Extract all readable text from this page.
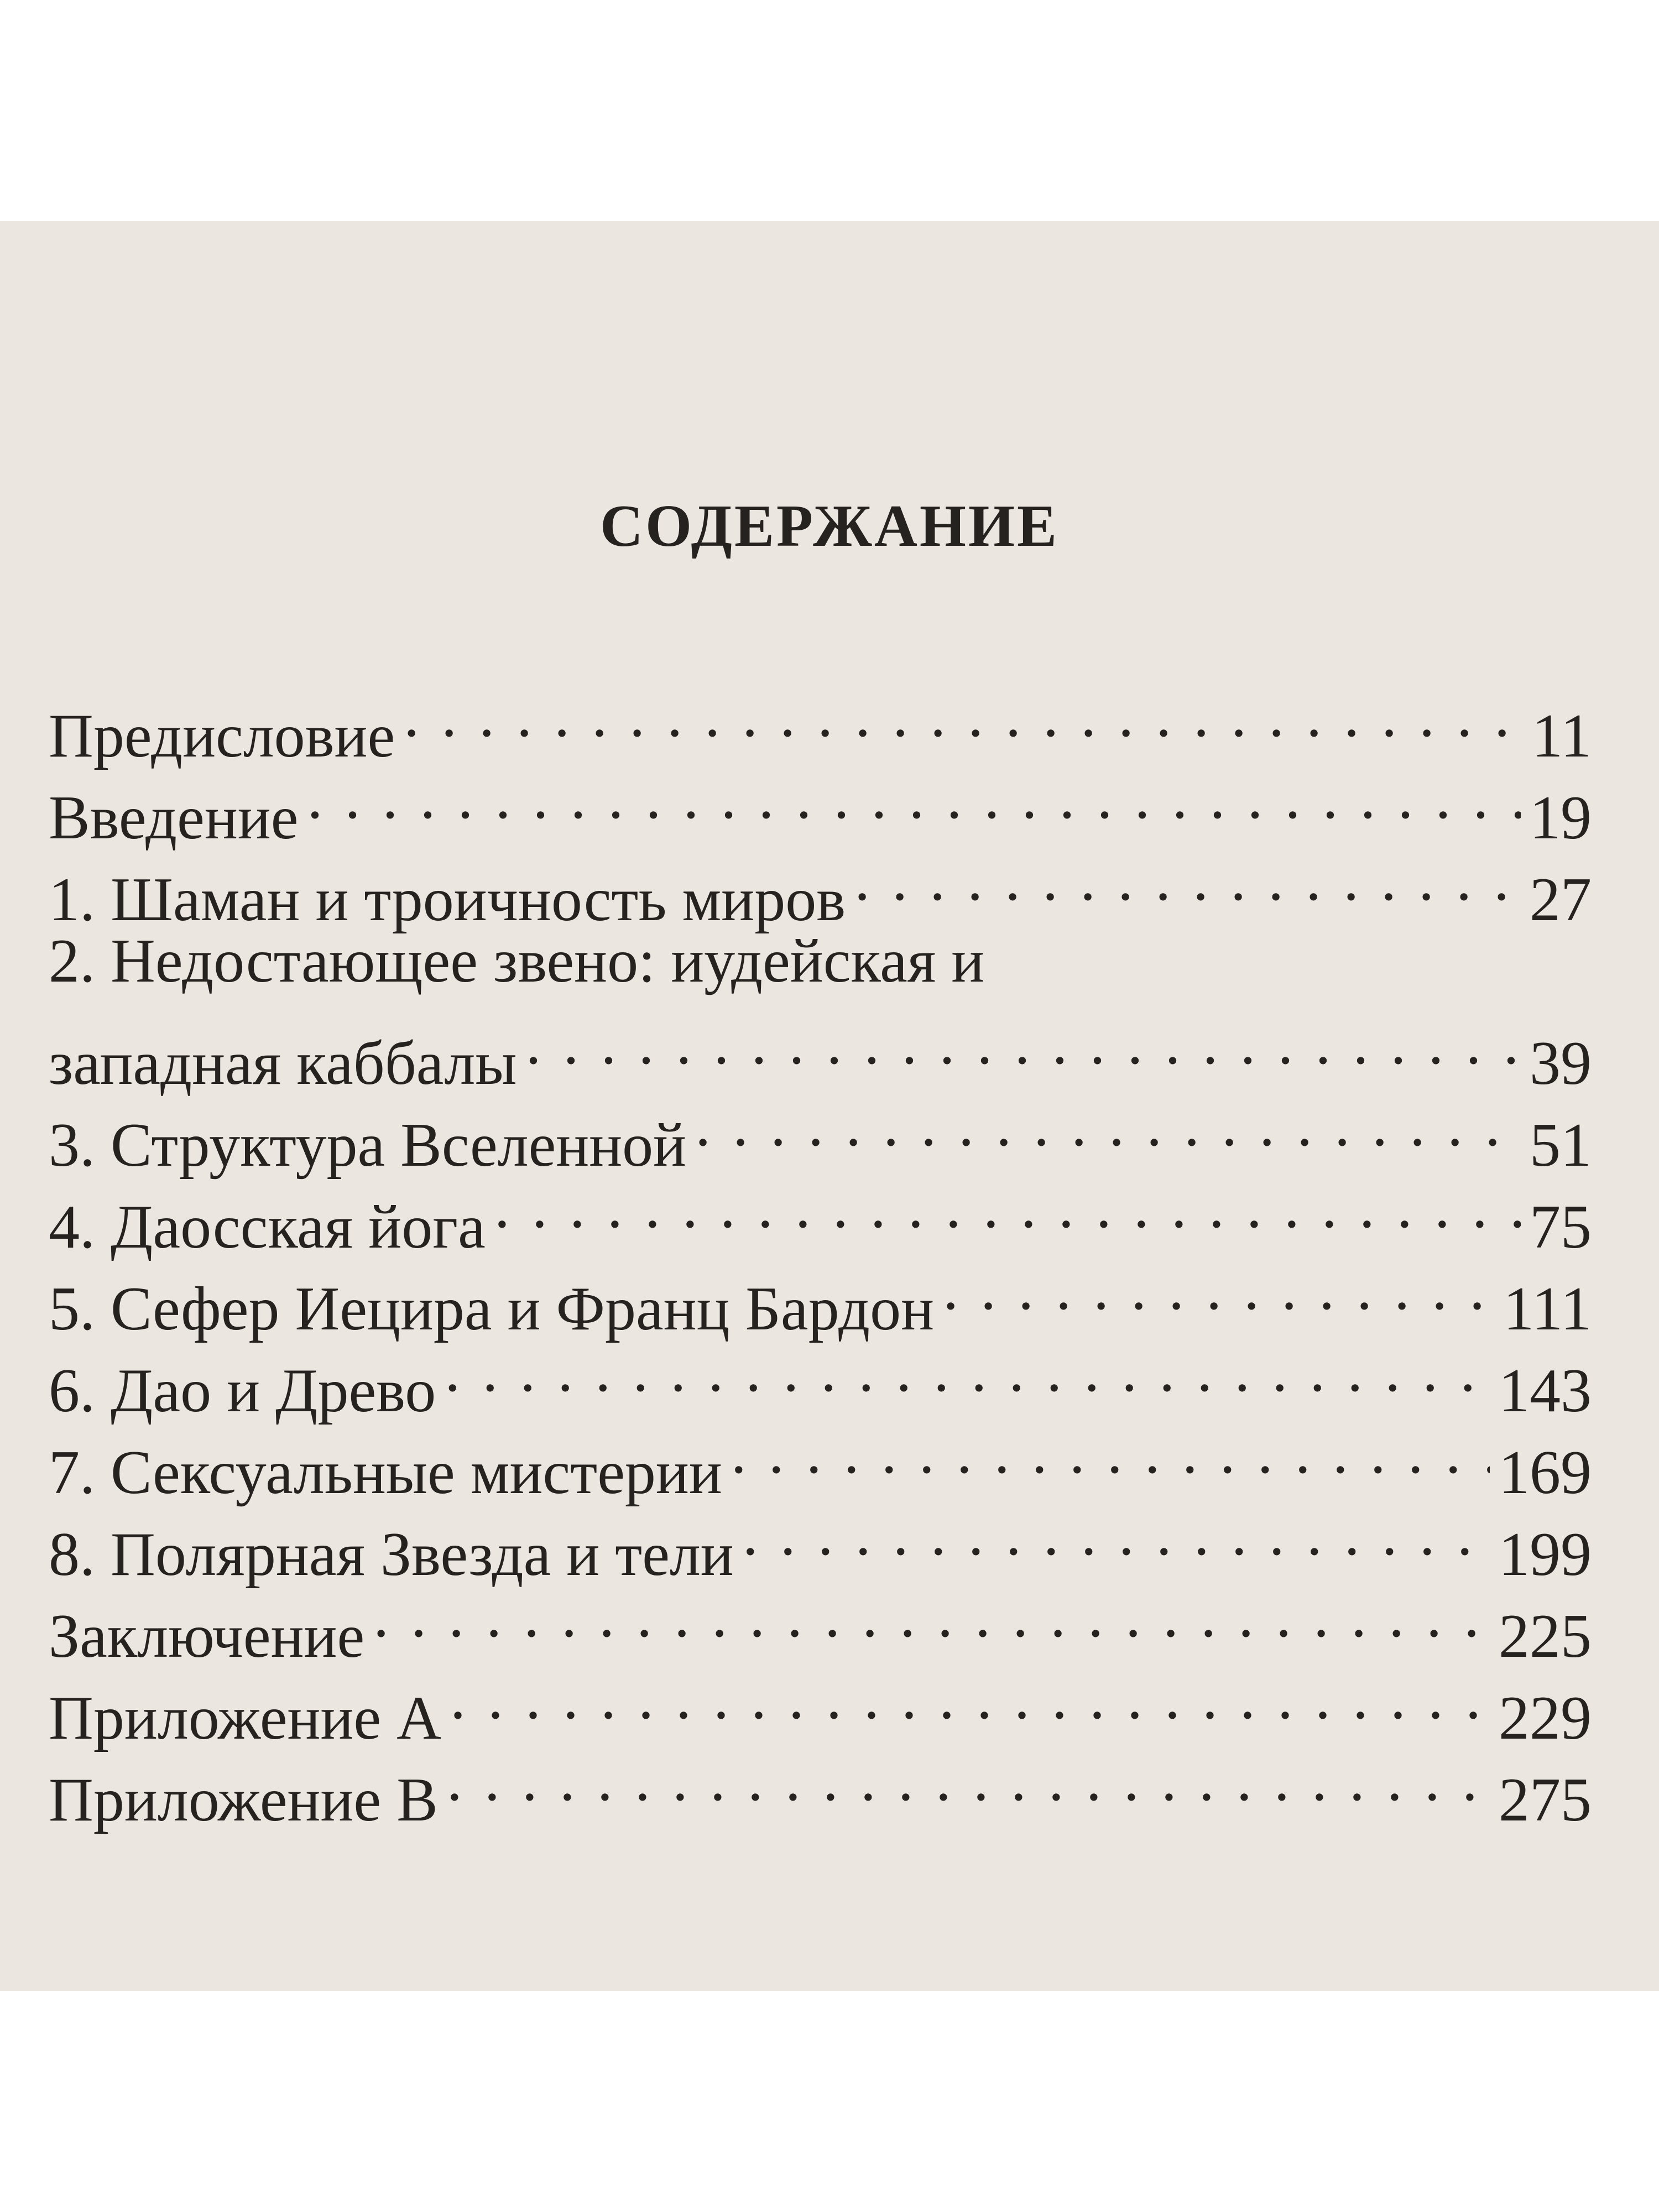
СОДЕРЖАНИЕ
Предисловие . . .	11
Введение . . .	19
1. Шаман и троичность миров . . .	27
2. Недостающее звено: иудейская и
западная каббалы . . .	39
3. Структура Вселенной . . .	51
4. Даосская йога . . .	75
5. Сефер Иецира и Франц Бардон . . .	111
6. Дао и Древо . . .	143
7. Сексуальные мистерии . . .	169
8. Полярная Звезда и тели . . .	199
Заключение . . .	225
Приложение А . . .	229
Приложение В . . .	275
